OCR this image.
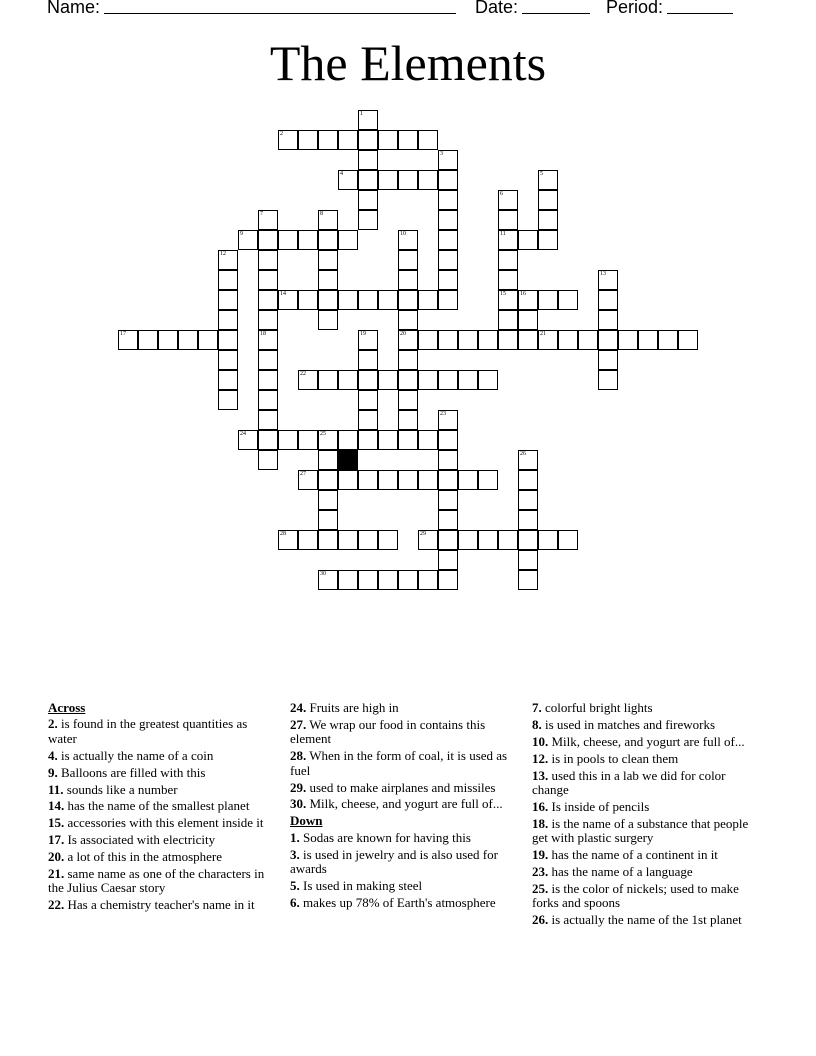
Name:	Date:	Period:
The Elements
1
2
3
4	5
6
11
15
7
18
8
9	10
20
12
13
14	16
17	19	21
22
23
24	25
26
27
28	29
30
Across
2. is found in the greatest quantities as water
4. is actually the name of a coin
9. Balloons are filled with this
11. sounds like a number
14. has the name of the smallest planet
15. accessories with this element inside it
17. Is associated with electricity
20. a lot of this in the atmosphere
21. same name as one of the characters in the Julius Caesar story
22. Has a chemistry teacher's name in it
24. Fruits are high in
27. We wrap our food in contains this element
28. When in the form of coal, it is used as fuel
29. used to make airplanes and missiles
30. Milk, cheese, and yogurt are full of...
Down
1. Sodas are known for having this
3. is used in jewelry and is also used for awards
5. Is used in making steel
6. makes up 78% of Earth's atmosphere
7. colorful bright lights
8. is used in matches and fireworks
10. Milk, cheese, and yogurt are full of...
12. is in pools to clean them
13. used this in a lab we did for color change
16. Is inside of pencils
18. is the name of a substance that people get with plastic surgery
19. has the name of a continent in it
23. has the name of a language
25. is the color of nickels; used to make forks and spoons
26. is actually the name of the 1st planet
